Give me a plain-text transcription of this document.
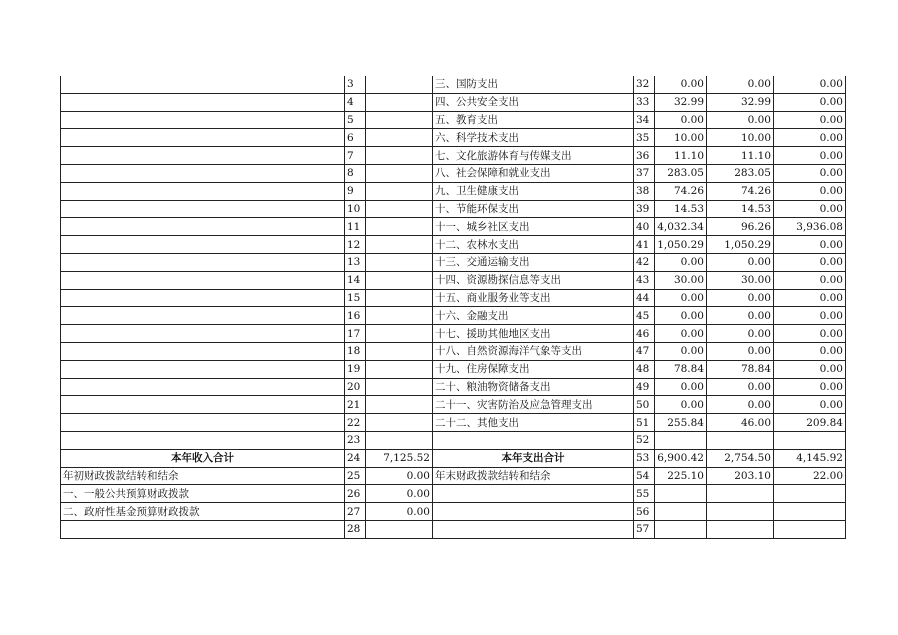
	3		三、国防支出	32	0.00	0.00	0.00
	4		四、公共安全支出	33	32.99	32.99	0.00
	5		五、教育支出	34	0.00	0.00	0.00
	6		六、科学技术支出	35	10.00	10.00	0.00
	7		七、文化旅游体育与传媒支出	36	11.10	11.10	0.00
	8		八、社会保障和就业支出	37	283.05	283.05	0.00
	9		九、卫生健康支出	38	74.26	74.26	0.00
	10		十、节能环保支出	39	14.53	14.53	0.00
	11		十一、城乡社区支出	40	4,032.34	96.26	3,936.08
	12		十二、农林水支出	41	1,050.29	1,050.29	0.00
	13		十三、交通运输支出	42	0.00	0.00	0.00
	14		十四、资源勘探信息等支出	43	30.00	30.00	0.00
	15		十五、商业服务业等支出	44	0.00	0.00	0.00
	16		十六、金融支出	45	0.00	0.00	0.00
	17		十七、援助其他地区支出	46	0.00	0.00	0.00
	18		十八、自然资源海洋气象等支出	47	0.00	0.00	0.00
	19		十九、住房保障支出	48	78.84	78.84	0.00
	20		二十、粮油物资储备支出	49	0.00	0.00	0.00
	21		二十一、灾害防治及应急管理支出	50	0.00	0.00	0.00
	22		二十二、其他支出	51	255.84	46.00	209.84
	23			52			
本年收入合计	24	7,125.52	本年支出合计	53	6,900.42	2,754.50	4,145.92
年初财政拨款结转和结余	25	0.00	年末财政拨款结转和结余	54	225.10	203.10	22.00
一、一般公共预算财政拨款	26	0.00		55			
二、政府性基金预算财政拨款	27	0.00		56			
	28			57			
